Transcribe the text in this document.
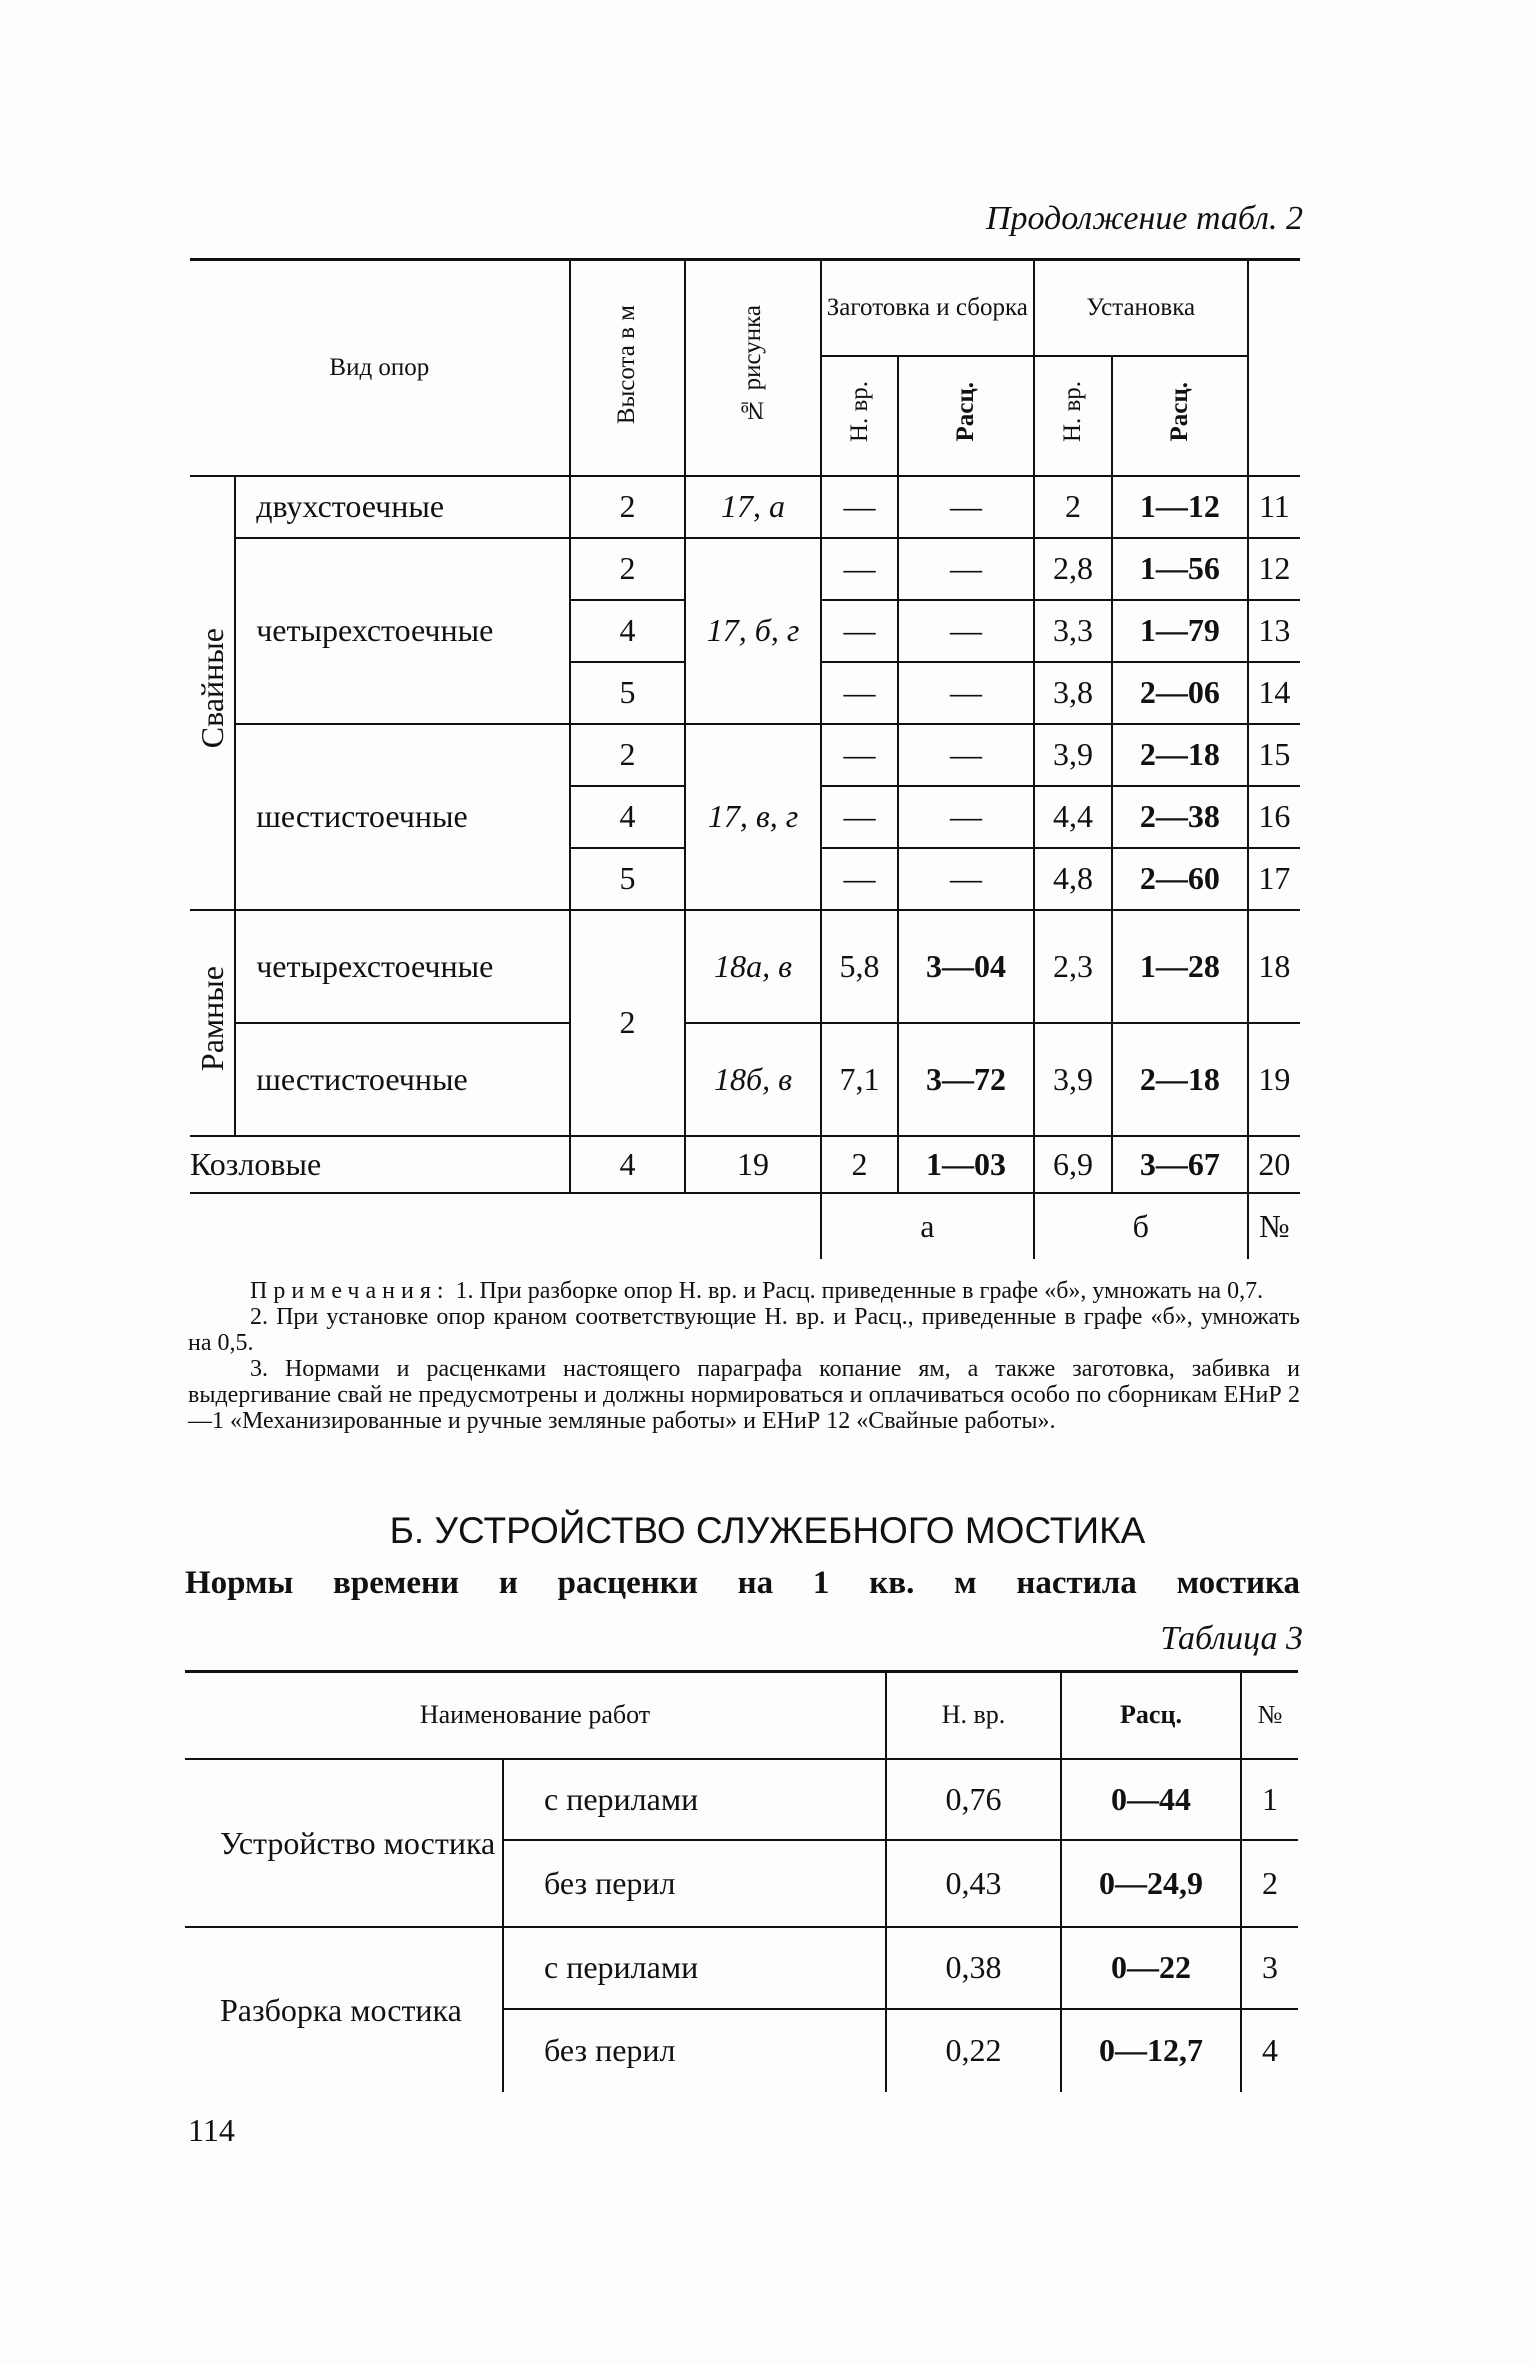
Продолжение табл. 2
Вид опор		Высота в м	№ рисунка	Заготовка и сборка		Установка		
				Н. вр.	Расц.	Н. вр.	Расц.	
Свайные	двухстоечные	2	17, а	—	—	2	1—12	11
	четырехстоечные	2	17, б, г	—	—	2,8	1—56	12
		4		—	—	3,3	1—79	13
		5		—	—	3,8	2—06	14
	шестистоечные	2	17, в, г	—	—	3,9	2—18	15
		4		—	—	4,4	2—38	16
		5		—	—	4,8	2—60	17
Рамные	четырехстоечные	2	18а, в	5,8	3—04	2,3	1—28	18
	шестистоечные		18б, в	7,1	3—72	3,9	2—18	19
Козловые		4	19	2	1—03	6,9	3—67	20
				а		б		№

Примечания: 1. При разборке опор Н. вр. и Расц. приведенные в графе «б», умножать на 0,7.

2. При установке опор краном соответствующие Н. вр. и Расц., приведенные в графе «б», умножать на 0,5.

3. Нормами и расценками настоящего параграфа копание ям, а также заготовка, забивка и выдергивание свай не предусмотрены и должны нормироваться и оплачиваться особо по сборникам ЕНиР 2—1 «Механизированные и ручные земляные работы» и ЕНиР 12 «Свайные работы».

Б. УСТРОЙСТВО СЛУЖЕБНОГО МОСТИКА
Нормы времени и расценки на 1 кв. м настила мостика
Таблица 3
Наименование работ		Н. вр.	Расц.	№
Устройство мостика	с перилами	0,76	0—44	1
	без перил	0,43	0—24,9	2
Разборка мостика	с перилами	0,38	0—22	3
	без перил	0,22	0—12,7	4
114
